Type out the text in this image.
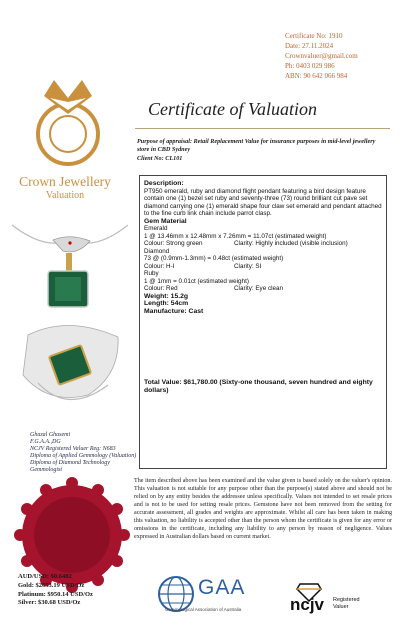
Crown Jewellery
Valuation
Certificate No: 1910
Date: 27.11.2024
Crownvaluer@gmail.com
Ph: 0403 029 986
ABN: 90 642 066 984
Certificate of Valuation
Purpose of appraisal: Retail Replacement Value for insurance purposes in mid-level jewellery store in CBD Sydney
Client No: CL101

Description:

PT950 emerald, ruby and diamond flight pendant featuring a bird design feature contain one (1) bezel set ruby and seventy-three (73) round brilliant cut pave set diamond carrying one (1) emerald shape four claw set emerald and pendant attached to the fine curb link chain include parrot clasp.

Gem Material

Emerald

1 @ 13.46mm x 12.48mm x 7.26mm = 11.07ct (estimated weight)

Colour: Strong green	Clarity: Highly included (visible inclusion)

Diamond

73 @ (0.9mm-1.3mm) = 0.48ct (estimated weight)

Colour: H-I	Clarity: SI

Ruby

1 @ 1mm = 0.01ct (estimated weight)

Colour: Red	Clarity: Eye clean

Weight: 15.2g

Length: 54cm

Manufacture: Cast

Total Value: $61,780.00 (Sixty-one thousand, seven hundred and eighty dollars)

Ghazal Ghasemi
F.G.A.A.,DG
NCJV Registered Valuer Reg: N683
Diploma of Applied Gemmology (Valuation)
Diploma of Diamond Technology
Gemmologist
The item described above has been examined and the value given is based solely on the valuer's opinion. This valuation is not suitable for any purpose other than the purpose(s) stated above and should not be relied on by any entity besides the addressee unless specifically. Values not intended to set resale prices and is not to be used for setting resale prices. Gemstone have not been removed from the setting for accurate assessment, all grades and weights are approximate. Whilst all care has been taken in making this valuation, no liability is accepted other than the person whom the certificate is given for any error or omissions in the certificate, including any liability to any person by reason of negligence. Values expressed in Australian dollars based on current market.
AUD/USD: $0.6482
Gold: $2653.19 USD/Oz
Platinum: $950.14 USD/Oz
Silver: $30.68 USD/Oz
GAA
Gemmological Association of Australia	ncjv Registered
Valuer
